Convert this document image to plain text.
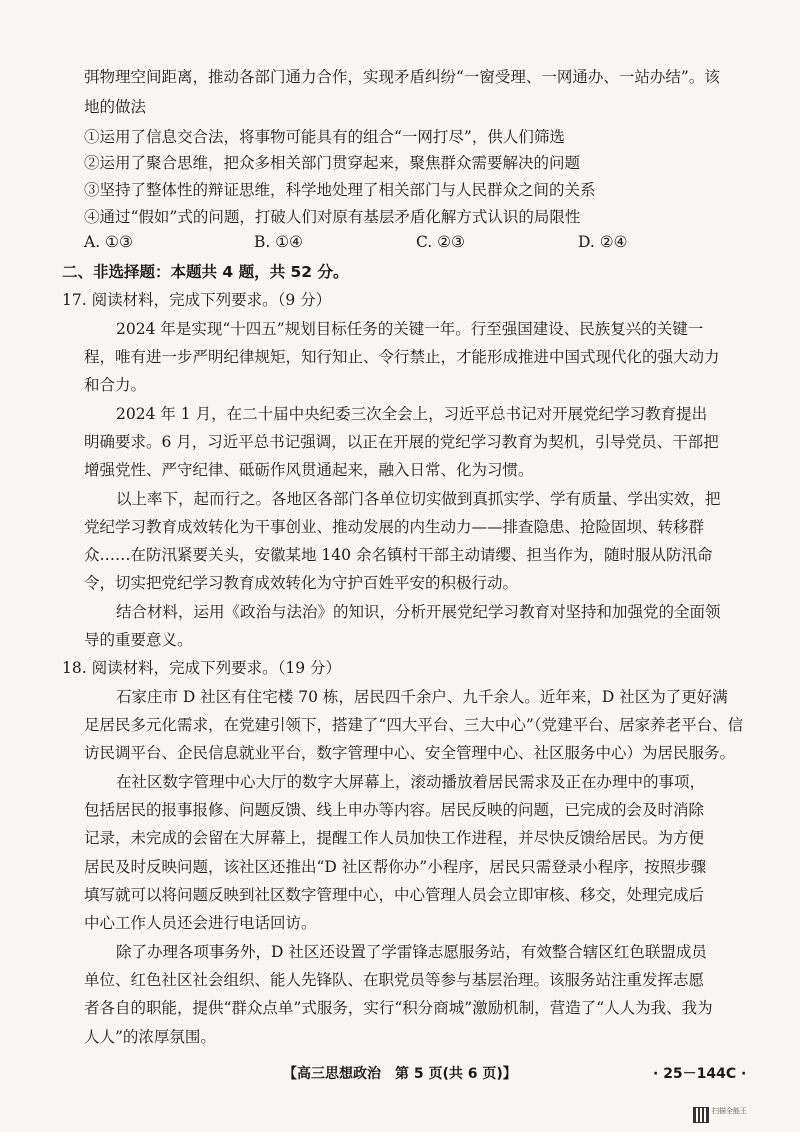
弭物理空间距离，推动各部门通力合作，实现矛盾纠纷“一窗受理、一网通办、一站办结”。该
地的做法
①运用了信息交合法，将事物可能具有的组合“一网打尽”，供人们筛选
②运用了聚合思维，把众多相关部门贯穿起来，聚焦群众需要解决的问题
③坚持了整体性的辩证思维，科学地处理了相关部门与人民群众之间的关系
④通过“假如”式的问题，打破人们对原有基层矛盾化解方式认识的局限性
A. ①③	B. ①④	C. ②③	D. ②④
二、非选择题：本题共 4 题，共 52 分。
17. 阅读材料，完成下列要求。（9 分）
2024 年是实现“十四五”规划目标任务的关键一年。行至强国建设、民族复兴的关键一
程，唯有进一步严明纪律规矩，知行知止、令行禁止，才能形成推进中国式现代化的强大动力
和合力。
2024 年 1 月，在二十届中央纪委三次全会上，习近平总书记对开展党纪学习教育提出
明确要求。6 月，习近平总书记强调，以正在开展的党纪学习教育为契机，引导党员、干部把
增强党性、严守纪律、砥砺作风贯通起来，融入日常、化为习惯。
以上率下，起而行之。各地区各部门各单位切实做到真抓实学、学有质量、学出实效，把
党纪学习教育成效转化为干事创业、推动发展的内生动力——排查隐患、抢险固坝、转移群
众……在防汛紧要关头，安徽某地 140 余名镇村干部主动请缨、担当作为，随时服从防汛命
令，切实把党纪学习教育成效转化为守护百姓平安的积极行动。
结合材料，运用《政治与法治》的知识，分析开展党纪学习教育对坚持和加强党的全面领
导的重要意义。
18. 阅读材料，完成下列要求。（19 分）
石家庄市 D 社区有住宅楼 70 栋，居民四千余户、九千余人。近年来，D 社区为了更好满
足居民多元化需求，在党建引领下，搭建了“四大平台、三大中心”（党建平台、居家养老平台、信
访民调平台、企民信息就业平台，数字管理中心、安全管理中心、社区服务中心）为居民服务。
在社区数字管理中心大厅的数字大屏幕上，滚动播放着居民需求及正在办理中的事项，
包括居民的报事报修、问题反馈、线上申办等内容。居民反映的问题，已完成的会及时消除
记录，未完成的会留在大屏幕上，提醒工作人员加快工作进程，并尽快反馈给居民。为方便
居民及时反映问题，该社区还推出“D 社区帮你办”小程序，居民只需登录小程序，按照步骤
填写就可以将问题反映到社区数字管理中心，中心管理人员会立即审核、移交，处理完成后
中心工作人员还会进行电话回访。
除了办理各项事务外，D 社区还设置了学雷锋志愿服务站，有效整合辖区红色联盟成员
单位、红色社区社会组织、能人先锋队、在职党员等参与基层治理。该服务站注重发挥志愿
者各自的职能，提供“群众点单”式服务，实行“积分商城”激励机制，营造了“人人为我、我为
人人”的浓厚氛围。
【高三思想政治　第 5 页(共 6 页)】	· 25－144C ·
扫描全能王
